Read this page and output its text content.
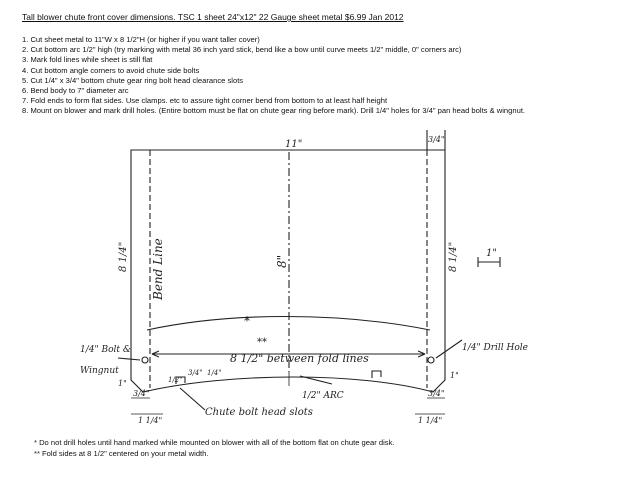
Tall blower chute front cover dimensions. TSC 1 sheet 24"x12" 22 Gauge sheet metal $6.99 Jan 2012
1. Cut sheet metal to 11"W x 8 1/2"H (or higher if you want taller cover)
2. Cut bottom arc 1/2" high (try marking with metal 36 inch yard stick, bend like a bow until curve meets 1/2" middle, 0" corners arc)
3. Mark fold lines while sheet is still flat
4. Cut bottom angle corners to avoid chute side bolts
5. Cut 1/4" x 3/4" bottom chute gear ring bolt head clearance slots
6. Bend body to 7" diameter arc
7. Fold ends to form flat sides. Use clamps. etc to assure tight corner bend from bottom to at least half height
8. Mount on blower and mark drill holes. (Entire bottom must be flat on chute gear ring before mark). Drill 1/4" holes for 3/4" pan head bolts & wingnut.
11"	3/4"
8 1/4" Bend Line	8"	8 1/4"	1"
*
**
8 1/2" between fold lines
1/4" Bolt &
Wingnut
1"	1/2"
3/4" 1/4"
3/4"
1 1/4"
Chute bolt head slots
1/2" ARC
1/4" Drill Hole
1"
3/4"
1 1/4"
* Do not drill holes until hand marked while mounted on blower with all of the bottom flat on chute gear disk.
** Fold sides at 8 1/2" centered on your metal width.
